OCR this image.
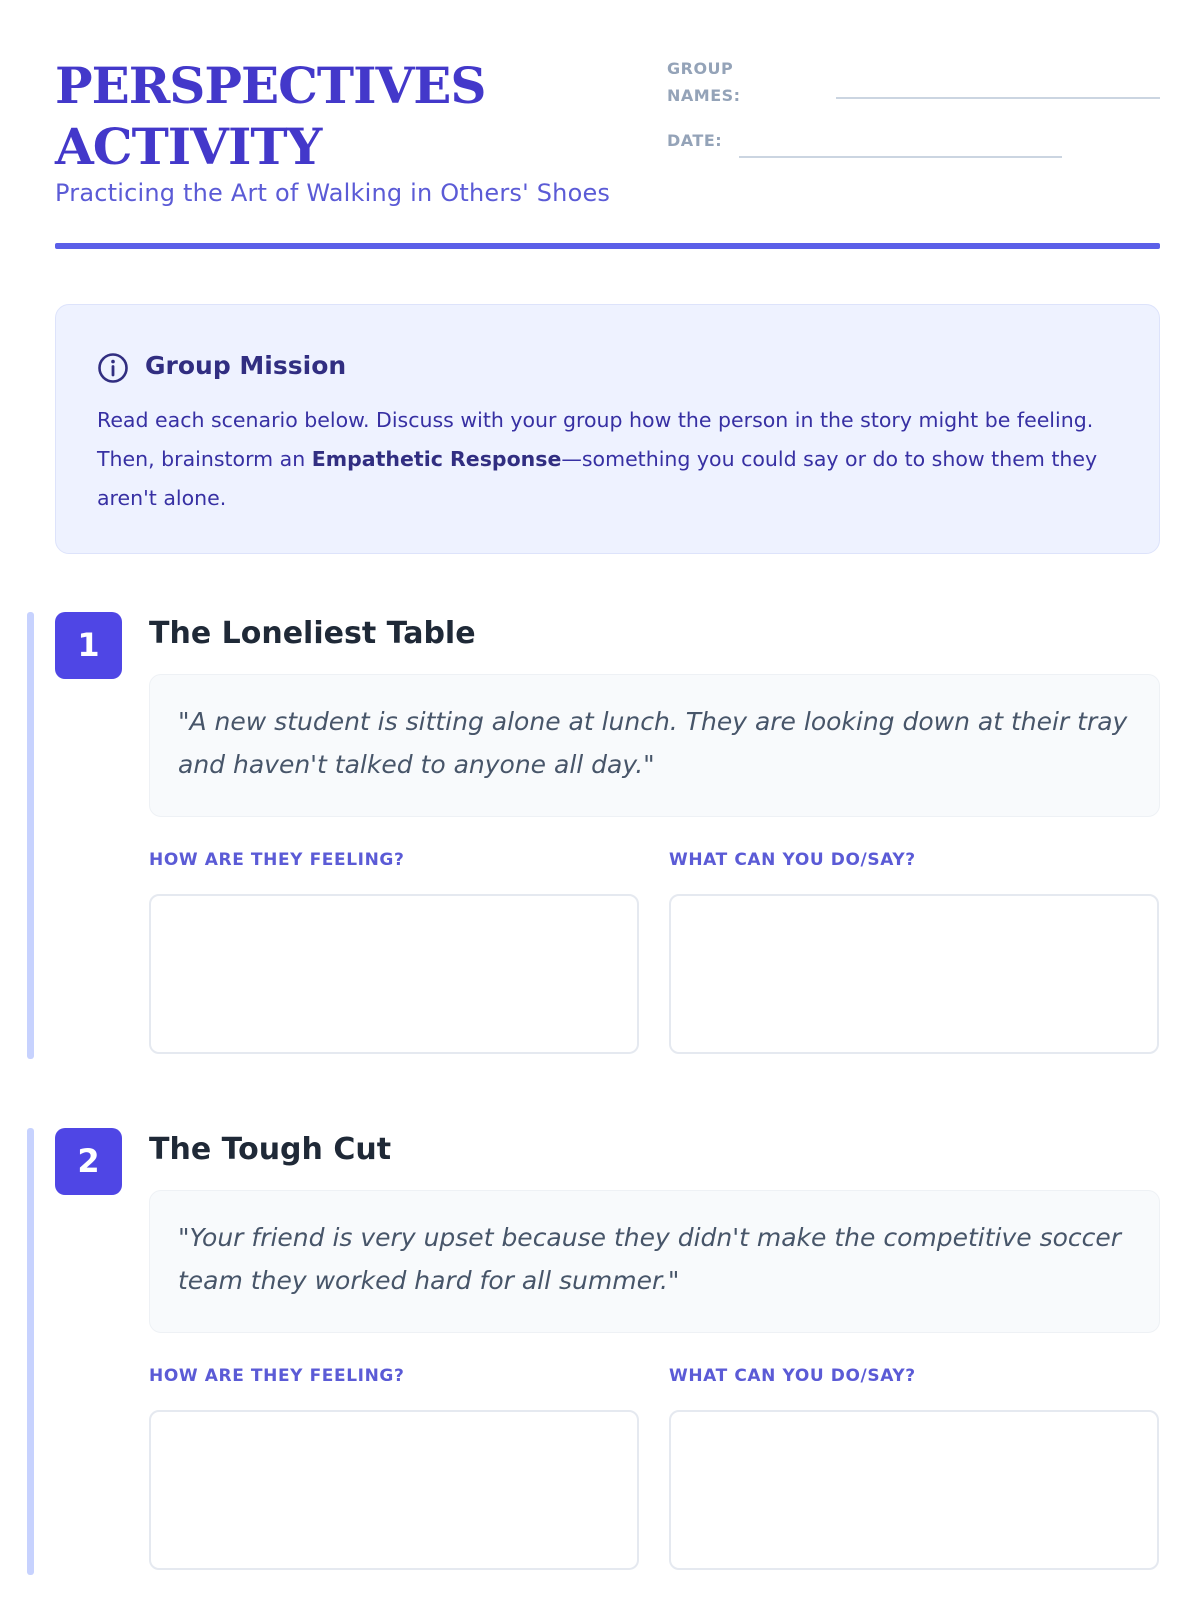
PERSPECTIVES
ACTIVITY
Practicing the Art of Walking in Others' Shoes
GROUP
NAMES:
DATE:
Group Mission
Read each scenario below. Discuss with your group how the person in the story might be feeling. Then, brainstorm an Empathetic Response—something you could say or do to show them they aren't alone.
1	The Loneliest Table
"A new student is sitting alone at lunch. They are looking down at their tray and haven't talked to anyone all day."
HOW ARE THEY FEELING?	WHAT CAN YOU DO/SAY?
2	The Tough Cut
"Your friend is very upset because they didn't make the competitive soccer team they worked hard for all summer."
HOW ARE THEY FEELING?	WHAT CAN YOU DO/SAY?
